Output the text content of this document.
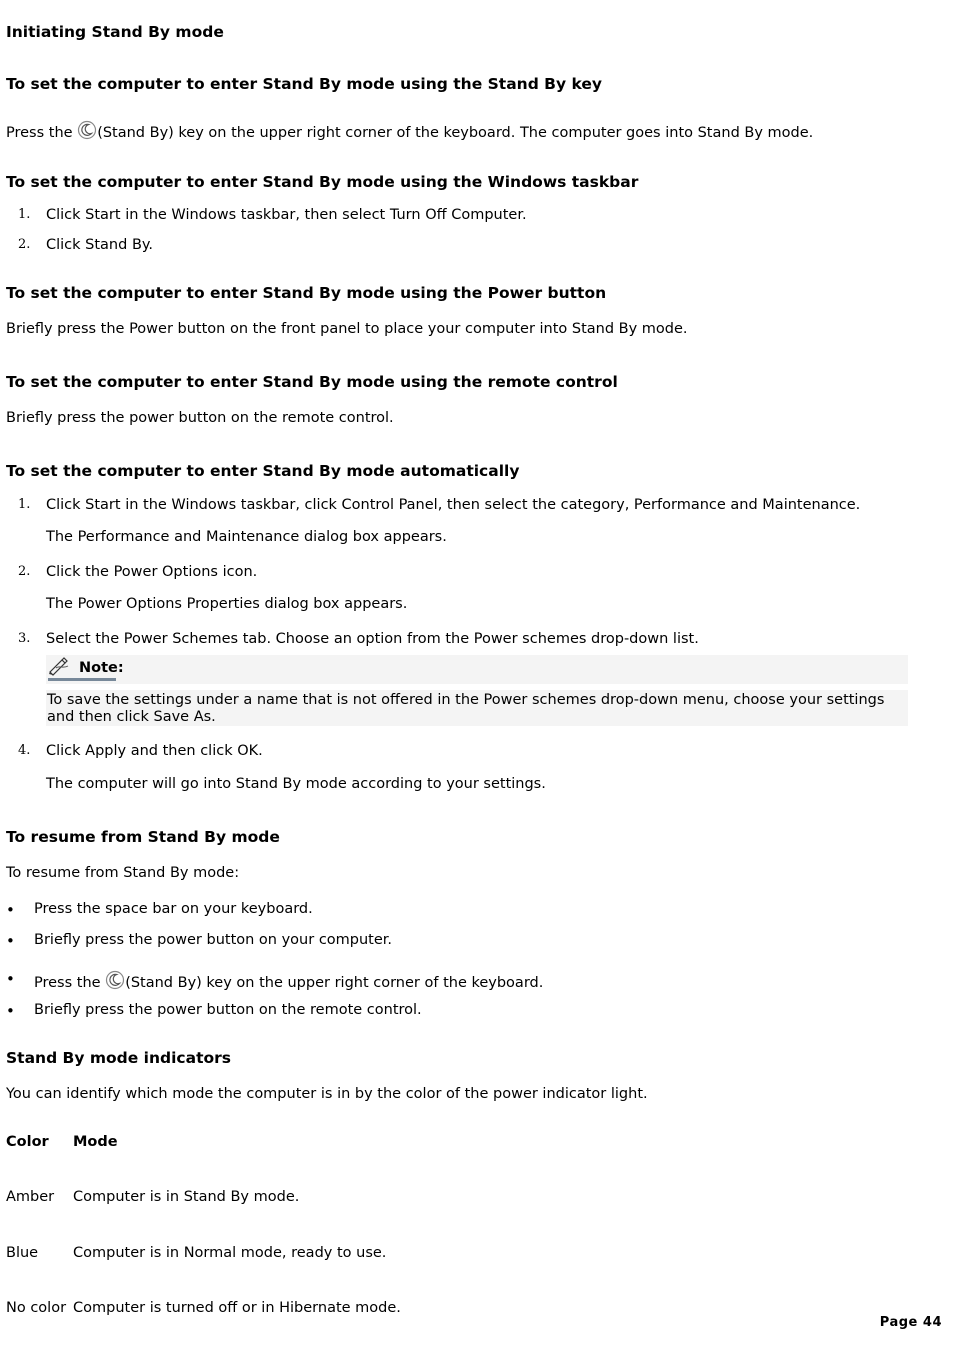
Initiating Stand By mode
To set the computer to enter Stand By mode using the Stand By key
Press the (Stand By) key on the upper right corner of the keyboard. The computer goes into Stand By mode.
To set the computer to enter Stand By mode using the Windows taskbar
1. Click Start in the Windows taskbar, then select Turn Off Computer.
2. Click Stand By.
To set the computer to enter Stand By mode using the Power button
Briefly press the Power button on the front panel to place your computer into Stand By mode.
To set the computer to enter Stand By mode using the remote control
Briefly press the power button on the remote control.
To set the computer to enter Stand By mode automatically
1. Click Start in the Windows taskbar, click Control Panel, then select the category, Performance and Maintenance.
The Performance and Maintenance dialog box appears.
2. Click the Power Options icon.
The Power Options Properties dialog box appears.
3. Select the Power Schemes tab. Choose an option from the Power schemes drop-down list.
Note:
To save the settings under a name that is not offered in the Power schemes drop-down menu, choose your settings and then click Save As.
4. Click Apply and then click OK.
The computer will go into Stand By mode according to your settings.
To resume from Stand By mode
To resume from Stand By mode:
• Press the space bar on your keyboard.
• Briefly press the power button on your computer.
• Press the (Stand By) key on the upper right corner of the keyboard.
• Briefly press the power button on the remote control.
Stand By mode indicators
You can identify which mode the computer is in by the color of the power indicator light.
Color Mode
Amber Computer is in Stand By mode.
Blue Computer is in Normal mode, ready to use.
No color Computer is turned off or in Hibernate mode.
Page 44
